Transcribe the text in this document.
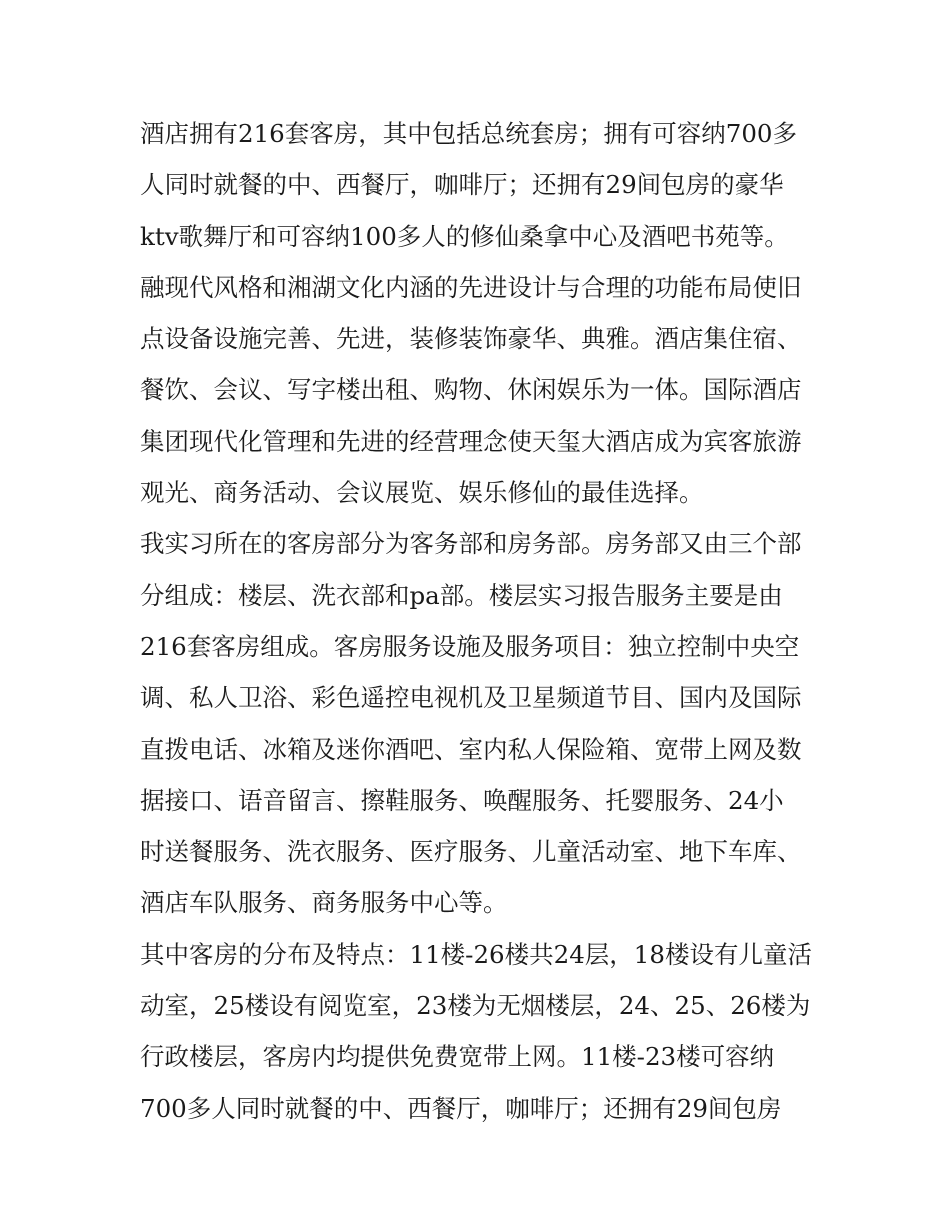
酒店拥有216套客房，其中包括总统套房；拥有可容纳700多
人同时就餐的中、西餐厅，咖啡厅；还拥有29间包房的豪华
ktv歌舞厅和可容纳100多人的修仙桑拿中心及酒吧书苑等。
融现代风格和湘湖文化内涵的先进设计与合理的功能布局使旧
点设备设施完善、先进，装修装饰豪华、典雅。酒店集住宿、
餐饮、会议、写字楼出租、购物、休闲娱乐为一体。国际酒店
集团现代化管理和先进的经营理念使天玺大酒店成为宾客旅游
观光、商务活动、会议展览、娱乐修仙的最佳选择。
我实习所在的客房部分为客务部和房务部。房务部又由三个部
分组成：楼层、洗衣部和pa部。楼层实习报告服务主要是由
216套客房组成。客房服务设施及服务项目：独立控制中央空
调、私人卫浴、彩色遥控电视机及卫星频道节目、国内及国际
直拨电话、冰箱及迷你酒吧、室内私人保险箱、宽带上网及数
据接口、语音留言、擦鞋服务、唤醒服务、托婴服务、24小
时送餐服务、洗衣服务、医疗服务、儿童活动室、地下车库、
酒店车队服务、商务服务中心等。
其中客房的分布及特点：11楼-26楼共24层，18楼设有儿童活
动室，25楼设有阅览室，23楼为无烟楼层，24、25、26楼为
行政楼层，客房内均提供免费宽带上网。11楼-23楼可容纳
700多人同时就餐的中、西餐厅，咖啡厅；还拥有29间包房
